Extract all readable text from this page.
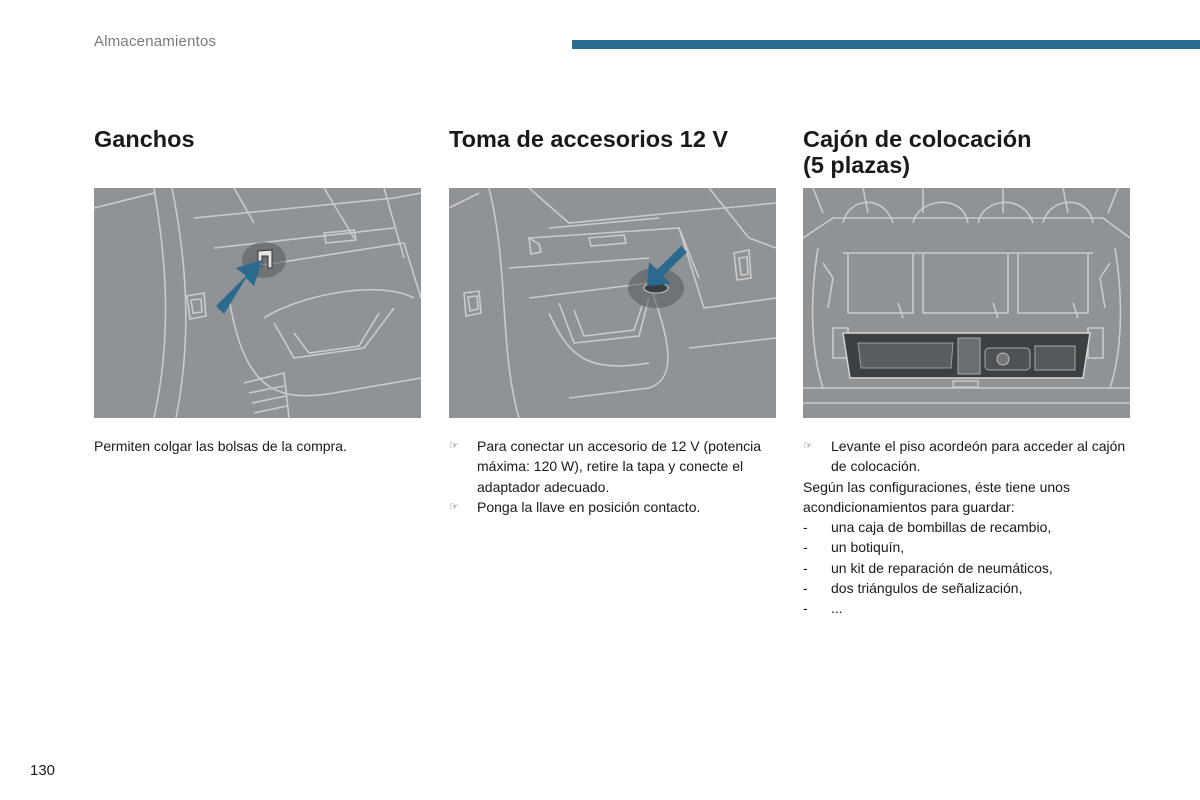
Almacenamientos
Ganchos

Permiten colgar las bolsas de la compra.

Toma de accesorios 12 V

☞ Para conectar un accesorio de 12 V (potencia máxima: 120 W), retire la tapa y conecte el adaptador adecuado.

☞ Ponga la llave en posición contacto.

Cajón de colocación
(5 plazas)

☞ Levante el piso acordeón para acceder al cajón de colocación.

Según las configuraciones, éste tiene unos acondicionamientos para guardar:

- una caja de bombillas de recambio,

- un botiquín,

- un kit de reparación de neumáticos,

- dos triángulos de señalización,

- ...

130
